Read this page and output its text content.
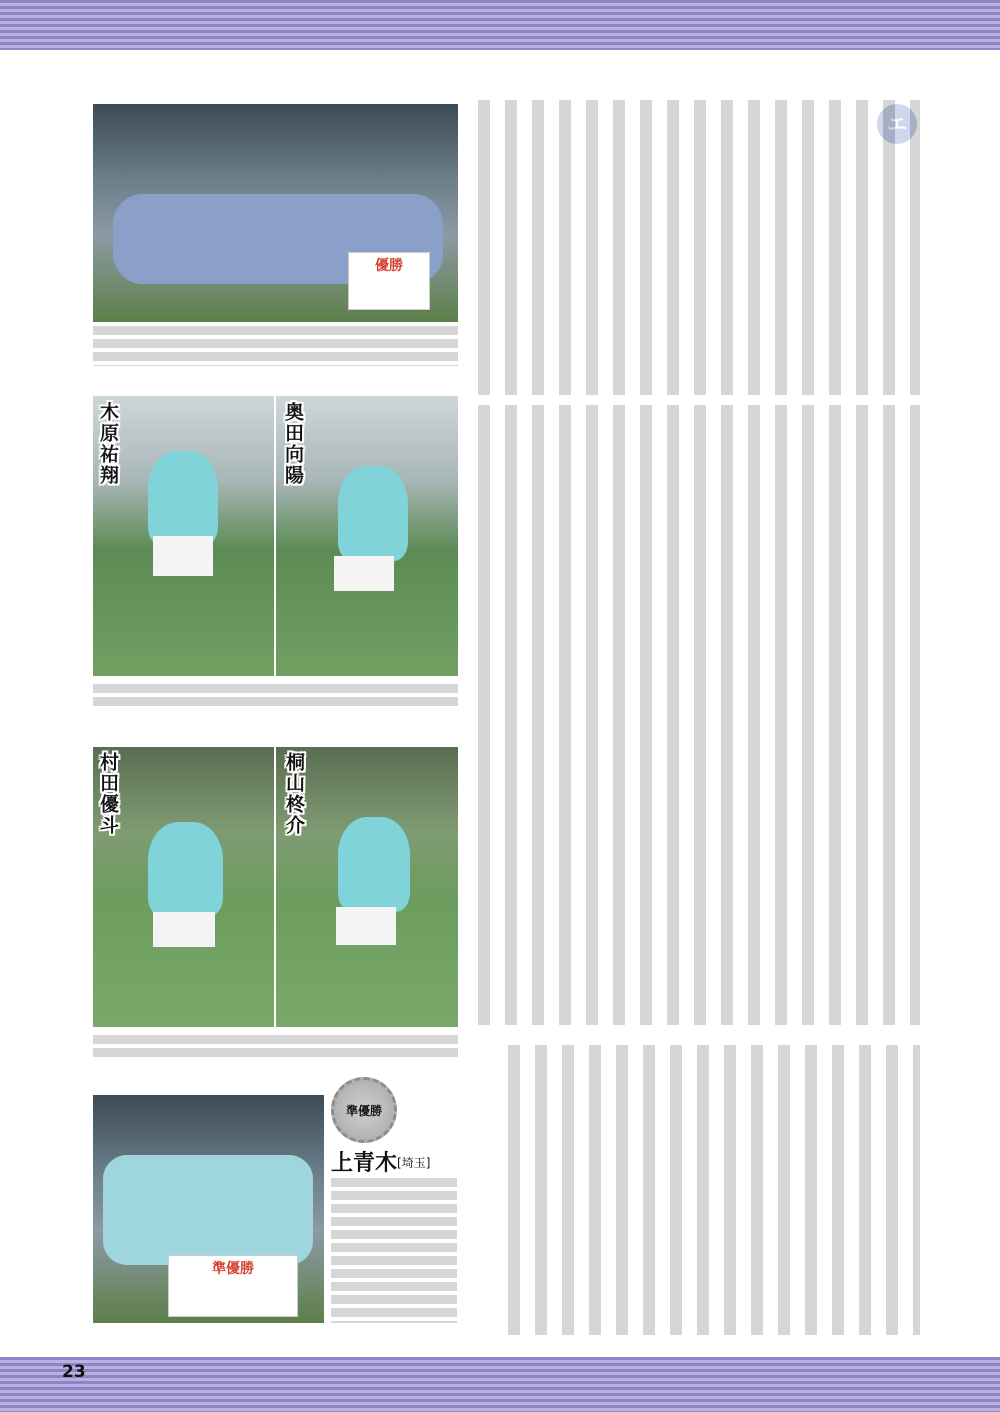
優勝
木原祐翔	奥田向陽
村田優斗	桐山柊介
準優勝
準優勝
上青木[埼玉]
23
